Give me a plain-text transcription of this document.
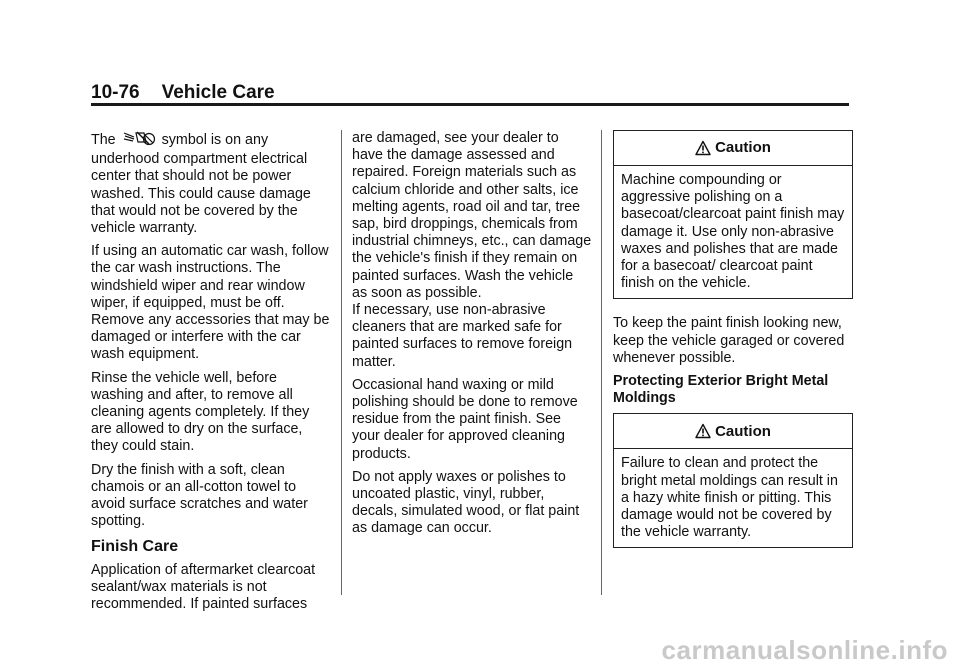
10-76 Vehicle Care

The	symbol is on any underhood compartment electrical center that should not be power washed. This could cause damage that would not be covered by the vehicle warranty.

If using an automatic car wash, follow the car wash instructions. The windshield wiper and rear window wiper, if equipped, must be off. Remove any accessories that may be damaged or interfere with the car wash equipment.

Rinse the vehicle well, before washing and after, to remove all cleaning agents completely. If they are allowed to dry on the surface, they could stain.

Dry the finish with a soft, clean chamois or an all-cotton towel to avoid surface scratches and water spotting.

Finish Care

Application of aftermarket clearcoat sealant/wax materials is not recommended. If painted surfaces

are damaged, see your dealer to have the damage assessed and repaired. Foreign materials such as calcium chloride and other salts, ice melting agents, road oil and tar, tree sap, bird droppings, chemicals from industrial chimneys, etc., can damage the vehicle's finish if they remain on painted surfaces. Wash the vehicle as soon as possible.

If necessary, use non-abrasive cleaners that are marked safe for painted surfaces to remove foreign matter.

Occasional hand waxing or mild polishing should be done to remove residue from the paint finish. See your dealer for approved cleaning products.

Do not apply waxes or polishes to uncoated plastic, vinyl, rubber, decals, simulated wood, or flat paint as damage can occur.

Caution
Machine compounding or aggressive polishing on a basecoat/clearcoat paint finish may damage it. Use only non-abrasive waxes and polishes that are made for a basecoat/ clearcoat paint finish on the vehicle.

To keep the paint finish looking new, keep the vehicle garaged or covered whenever possible.

Protecting Exterior Bright Metal Moldings

Caution
Failure to clean and protect the bright metal moldings can result in a hazy white finish or pitting. This damage would not be covered by the vehicle warranty.
carmanualsonline.info
